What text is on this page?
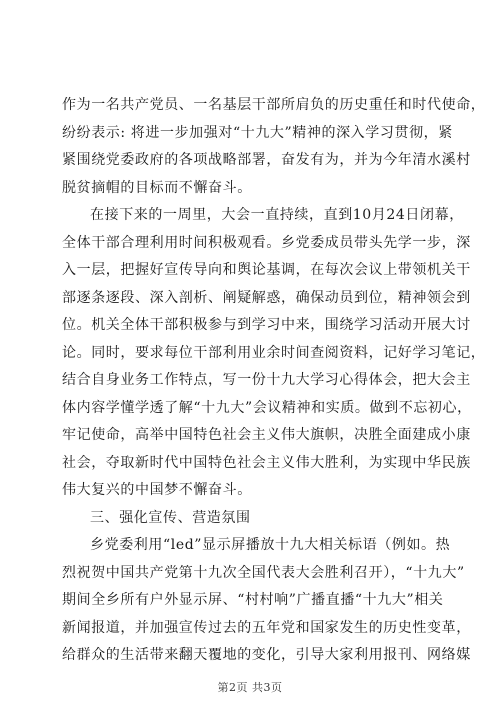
作为一名共产党员、一名基层干部所肩负的历史重任和时代使命，
纷纷表示: 将进一步加强对“十九大”精神的深入学习贯彻，紧
紧围绕党委政府的各项战略部署，奋发有为，并为今年清水溪村
脱贫摘帽的目标而不懈奋斗。
在接下来的一周里，大会一直持续，直到10月24日闭幕，
全体干部合理利用时间积极观看。乡党委成员带头先学一步，深
入一层，把握好宣传导向和舆论基调，在每次会议上带领机关干
部逐条逐段、深入剖析、阐疑解惑，确保动员到位，精神领会到
位。机关全体干部积极参与到学习中来，围绕学习活动开展大讨
论。同时，要求每位干部利用业余时间查阅资料，记好学习笔记，
结合自身业务工作特点，写一份十九大学习心得体会，把大会主
体内容学懂学透了解“十九大”会议精神和实质。做到不忘初心，
牢记使命，高举中国特色社会主义伟大旗帜，决胜全面建成小康
社会，夺取新时代中国特色社会主义伟大胜利，为实现中华民族
伟大复兴的中国梦不懈奋斗。
三、强化宣传、营造氛围
乡党委利用“led”显示屏播放十九大相关标语（例如。热
烈祝贺中国共产党第十九次全国代表大会胜利召开），“十九大”
期间全乡所有户外显示屏、“村村响”广播直播“十九大”相关
新闻报道，并加强宣传过去的五年党和国家发生的历史性变革，
给群众的生活带来翻天覆地的变化，引导大家利用报刊、网络媒
第2页 共3页
